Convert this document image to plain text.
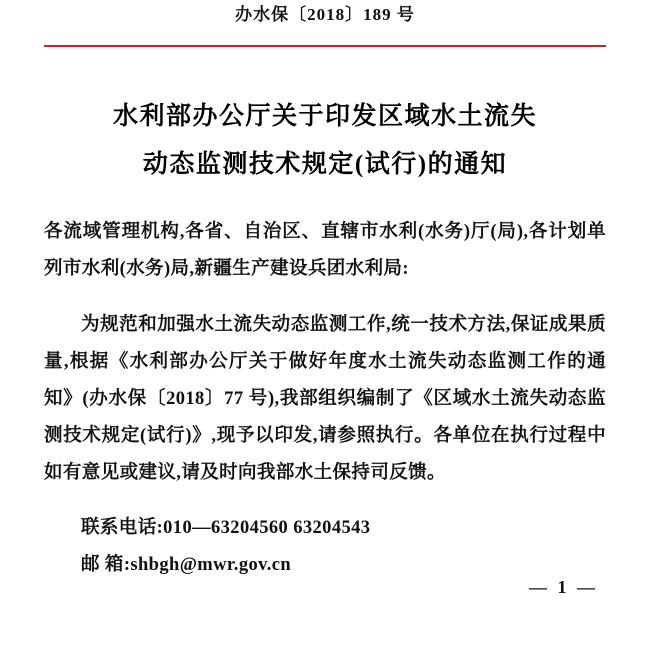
办水保〔2018〕189 号
水利部办公厅关于印发区域水土流失
动态监测技术规定(试行)的通知

各流域管理机构,各省、自治区、直辖市水利(水务)厅(局),各计划单列市水利(水务)局,新疆生产建设兵团水利局:

为规范和加强水土流失动态监测工作,统一技术方法,保证成果质量,根据《水利部办公厅关于做好年度水土流失动态监测工作的通知》(办水保〔2018〕77 号),我部组织编制了《区域水土流失动态监测技术规定(试行)》,现予以印发,请参照执行。各单位在执行过程中如有意见或建议,请及时向我部水土保持司反馈。

联系电话:010—63204560 63204543
邮 箱:shbgh@mwr.gov.cn
— 1 —
